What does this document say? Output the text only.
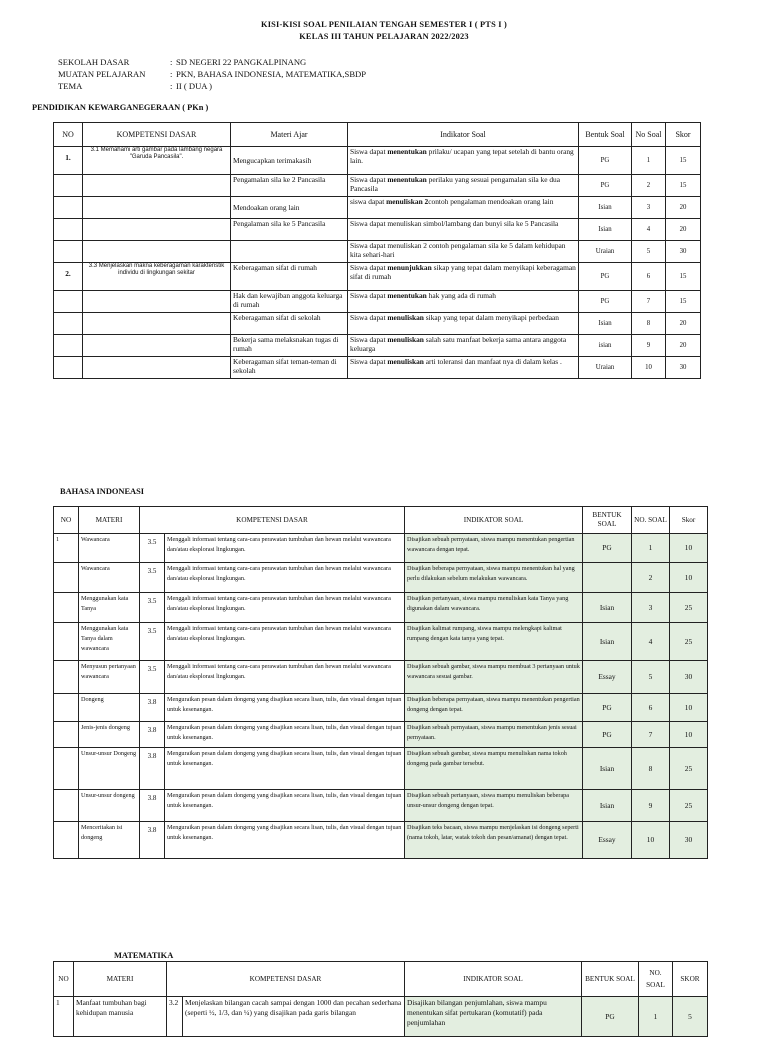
KISI-KISI SOAL PENILAIAN TENGAH SEMESTER I ( PTS I )
KELAS III TAHUN PELAJARAN 2022/2023
SEKOLAH DASAR	: SD NEGERI 22 PANGKALPINANG
MUATAN PELAJARAN	: PKN, BAHASA INDONESIA, MATEMATIKA,SBDP
TEMA	: II ( DUA )
PENDIDIKAN KEWARGANEGERAAN ( PKn )
NO	KOMPETENSI DASAR	Materi Ajar	Indikator Soal	Bentuk Soal	No Soal	Skor
1.	3.1 Memahami arti gambar pada lambang negara "Garuda Pancasila".	Mengucapkan terimakasih	Siswa dapat menentukan prilaku/ ucapan yang tepat setelah di bantu orang lain.	PG	1	15
		Pengamalan sila ke 2 Pancasila	Siswa dapat menentukan perilaku yang sesuai pengamalan sila ke dua Pancasila	PG	2	15
		Mendoakan orang lain	siswa dapat menuliskan 2contoh pengalaman mendoakan orang lain	Isian	3	20
		Pengalaman sila ke 5 Pancasila	Siswa dapat menuliskan simbol/lambang dan bunyi sila ke 5 Pancasila	Isian	4	20
			Siswa dapat menuliskan 2 contoh pengalaman sila ke 5 dalam kehidupan kita sehari-hari	Uraian	5	30
2.	3.3 Menjelaskan makna keberagaman karakteristik individu di lingkungan sekitar	Keberagaman sifat di rumah	Siswa dapat menunjukkan sikap yang tepat dalam menyikapi keberagaman sifat di rumah	PG	6	15
		Hak dan kewajiban anggota keluarga di rumah	Siswa dapat menentukan hak yang ada di rumah	PG	7	15
		Keberagaman sifat di sekolah	Siswa dapat menuliskan sikap yang tepat dalam menyikapi perbedaan	Isian	8	20
		Bekerja sama melaksnakan tugas di rumah	Siswa dapat menuliskan salah satu manfaat bekerja sama antara anggota keluarga	isian	9	20
		Keberagaman sifat teman-teman di sekolah	Siswa dapat menuliskan arti toleransi dan manfaat nya di dalam kelas .	Uraian	10	30
BAHASA INDONEASI
NO	MATERI	KOMPETENSI DASAR		INDIKATOR SOAL	BENTUK SOAL	NO. SOAL	Skor
1	Wawancara	3.5	Menggali informasi tentang cara-cara perawatan tumbuhan dan hewan melalui wawancara dan/atau eksplorasi lingkungan.	Disajikan sebuah pernyataan, siswa mampu menentukan pengertian wawancara dengan tepat.	PG	1	10
	Wawancara	3.5	Menggali informasi tentang cara-cara perawatan tumbuhan dan hewan melalui wawancara dan/atau eksplorasi lingkungan.	Disajikan beberapa pernyataan, siswa mampu menentukan hal yang perlu dilakukan sebelum melakukan wawancara.		2	10
	Menggunakan kata Tanya	3.5	Menggali informasi tentang cara-cara perawatan tumbuhan dan hewan melalui wawancara dan/atau eksplorasi lingkungan.	Disajikan pertanyaan, siswa mampu menuliskan kata Tanya yang digunakan dalam wawancara.	Isian	3	25
	Menggunakan kata Tanya dalam wawancara	3.5	Menggali informasi tentang cara-cara perawatan tumbuhan dan hewan melalui wawancara dan/atau eksplorasi lingkungan.	Disajikan kalimat rumpang, siswa mampu melengkapi kalimat rumpang dengan kata tanya yang tepat.	Isian	4	25
	Menyusun pertanyaan wawancara	3.5	Menggali informasi tentang cara-cara perawatan tumbuhan dan hewan melalui wawancara dan/atau eksplorasi lingkungan.	Disajikan sebuah gambar, siswa mampu membuat 3 pertanyaan untuk wawancara sesuai gambar.	Essay	5	30
	Dongeng	3.8	Menguraikan pesan dalam dongeng yang disajikan secara lisan, tulis, dan visual dengan tujuan untuk kesenangan.	Disajikan beberapa pernyataan, siswa mampu menentukan pengertian dongeng dengan tepat.	PG	6	10
	Jenis-jenis dongeng	3.8	Menguraikan pesan dalam dongeng yang disajikan secara lisan, tulis, dan visual dengan tujuan untuk kesenangan.	Disajikan sebuah pernyataan, siswa mampu menentukan jenis sesuai pernyataan.	PG	7	10
	Unsur-unsur Dongeng	3.8	Menguraikan pesan dalam dongeng yang disajikan secara lisan, tulis, dan visual dengan tujuan untuk kesenangan.	Disajikan sebuah gambar, siswa mampu menuliskan nama tokoh dongeng pada gambar tersebut.	Isian	8	25
	Unsur-unsur dongeng	3.8	Menguraikan pesan dalam dongeng yang disajikan secara lisan, tulis, dan visual dengan tujuan untuk kesenangan.	Disajikan sebuah pertanyaan, siswa mampu menuliskan beberapa unsur-unsur dongeng dengan tepat.	Isian	9	25
	Menceritakan isi dongeng	3.8	Menguraikan pesan dalam dongeng yang disajikan secara lisan, tulis, dan visual dengan tujuan untuk kesenangan.	Disajikan teks bacaan, siswa mampu menjelaskan isi dongeng seperti (nama tokoh, latar, watak tokoh dan pesan/amanat) dengan tepat.	Essay	10	30
MATEMATIKA
NO	MATERI	KOMPETENSI DASAR		INDIKATOR SOAL	BENTUK SOAL	NO. SOAL	SKOR
1	Manfaat tumbuhan bagi kehidupan manusia	3.2	Menjelaskan bilangan cacah sampai dengan 1000 dan pecahan sederhana (seperti ½, 1/3, dan ¼) yang disajikan pada garis bilangan	Disajikan bilangan penjumlahan, siswa mampu menentukan sifat pertukaran (komutatif) pada penjumlahan	PG	1	5
